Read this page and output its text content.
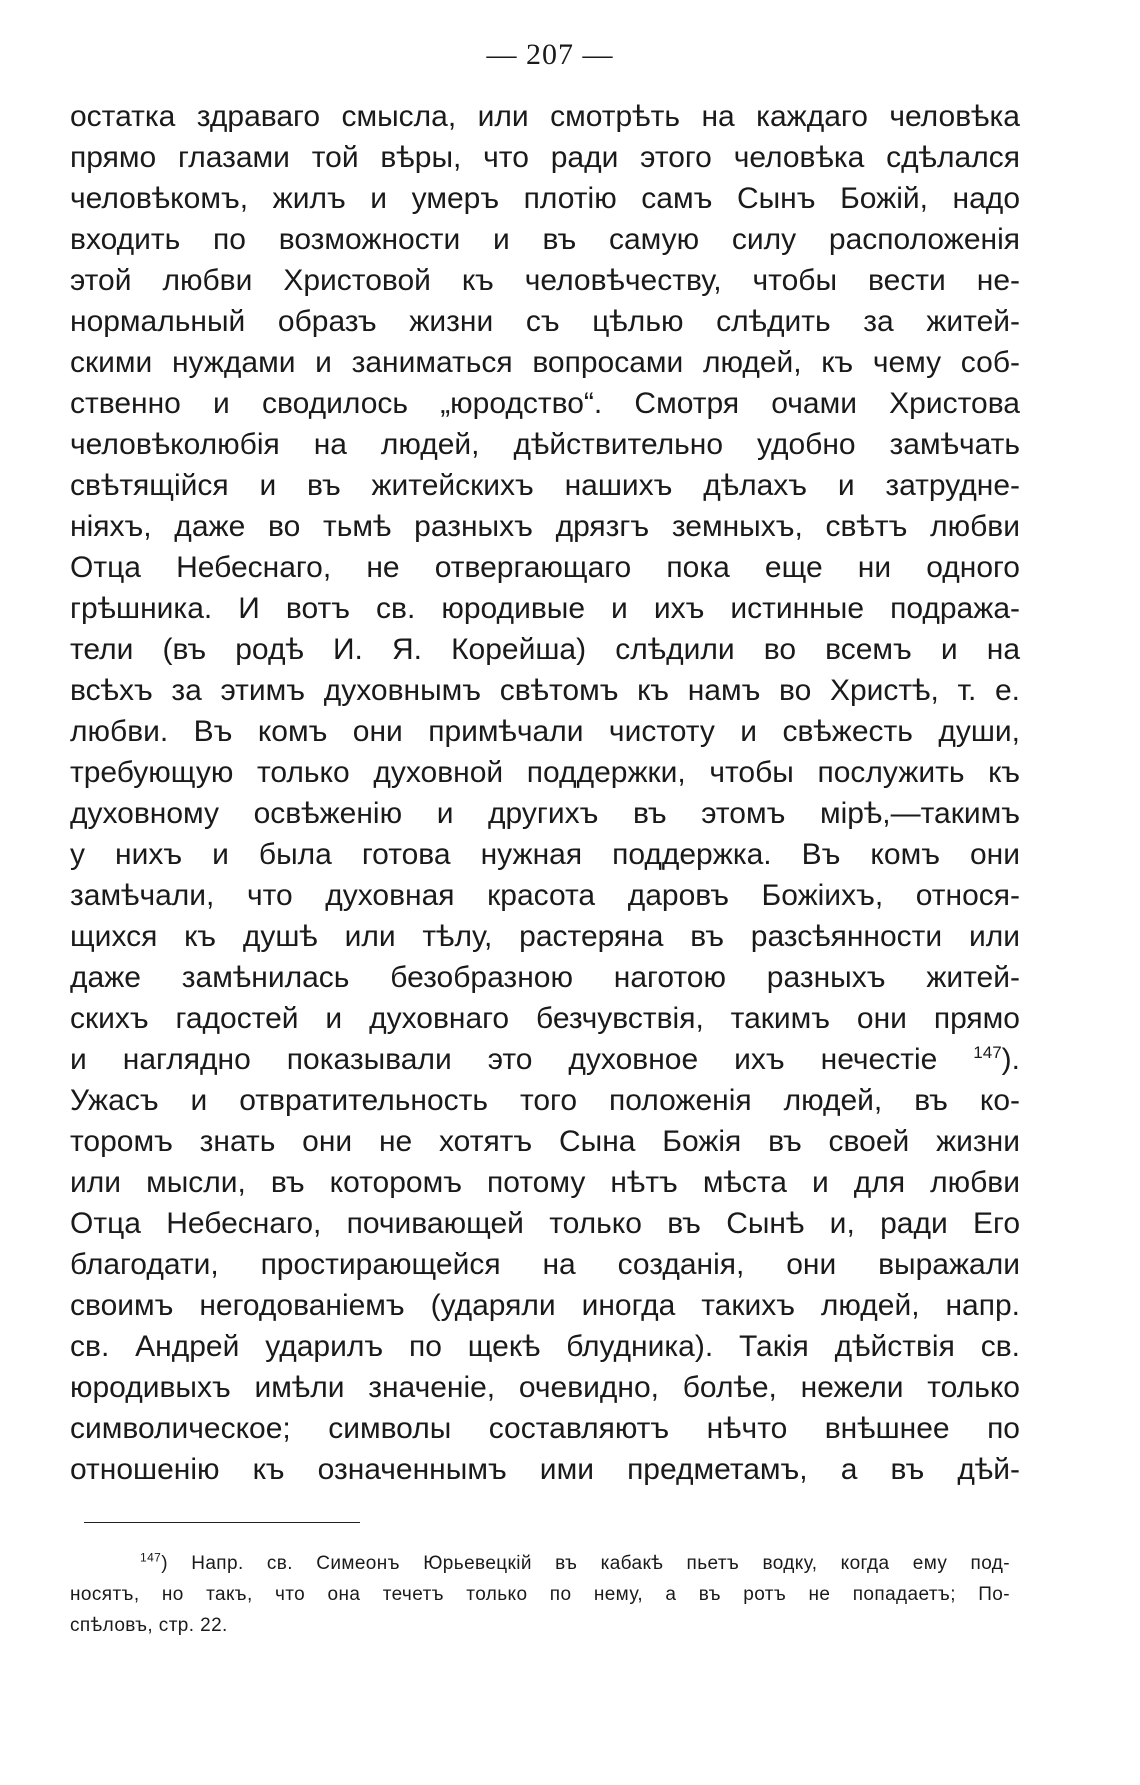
— 207 —
остатка здраваго смысла, или смотрѣть на каждаго человѣка
прямо глазами той вѣры, что ради этого человѣка сдѣлался
человѣкомъ, жилъ и умеръ плотію самъ Сынъ Божій, надо
входить по возможности и въ самую силу расположенія
этой любви Христовой къ человѣчеству, чтобы вести не-
нормальный образъ жизни съ цѣлью слѣдить за житей-
скими нуждами и заниматься вопросами людей, къ чему соб-
ственно и сводилось „юродство“. Смотря очами Христова
человѣколюбія на людей, дѣйствительно удобно замѣчать
свѣтящійся и въ житейскихъ нашихъ дѣлахъ и затрудне-
ніяхъ, даже во тьмѣ разныхъ дрязгъ земныхъ, свѣтъ любви
Отца Небеснаго, не отвергающаго пока еще ни одного
грѣшника. И вотъ св. юродивые и ихъ истинные подража-
тели (въ родѣ И. Я. Корейша) слѣдили во всемъ и на
всѣхъ за этимъ духовнымъ свѣтомъ къ намъ во Христѣ, т. е.
любви. Въ комъ они примѣчали чистоту и свѣжесть души,
требующую только духовной поддержки, чтобы послужить къ
духовному освѣженію и другихъ въ этомъ мірѣ,—такимъ
у нихъ и была готова нужная поддержка. Въ комъ они
замѣчали, что духовная красота даровъ Божіихъ, относя-
щихся къ душѣ или тѣлу, растеряна въ разсѣянности или
даже замѣнилась безобразною наготою разныхъ житей-
скихъ гадостей и духовнаго безчувствія, такимъ они прямо
и наглядно показывали это духовное ихъ нечестіе $^{147}$).
Ужасъ и отвратительность того положенія людей, въ ко-
торомъ знать они не хотятъ Сына Божія въ своей жизни
или мысли, въ которомъ потому нѣтъ мѣста и для любви
Отца Небеснаго, почивающей только въ Сынѣ и, ради Его
благодати, простирающейся на созданія, они выражали
своимъ негодованіемъ (ударяли иногда такихъ людей, напр.
св. Андрей ударилъ по щекѣ блудника). Такія дѣйствія св.
юродивыхъ имѣли значеніе, очевидно, болѣе, нежели только
символическое; символы составляютъ нѣчто внѣшнее по
отношенію къ означеннымъ ими предметамъ, а въ дѣй-
$^{147}$) Напр. св. Симеонъ Юрьевецкій въ кабакѣ пьетъ водку, когда ему под-
носятъ, но такъ, что она течетъ только по нему, а въ ротъ не попадаетъ; По-
спѣловъ, стр. 22.
